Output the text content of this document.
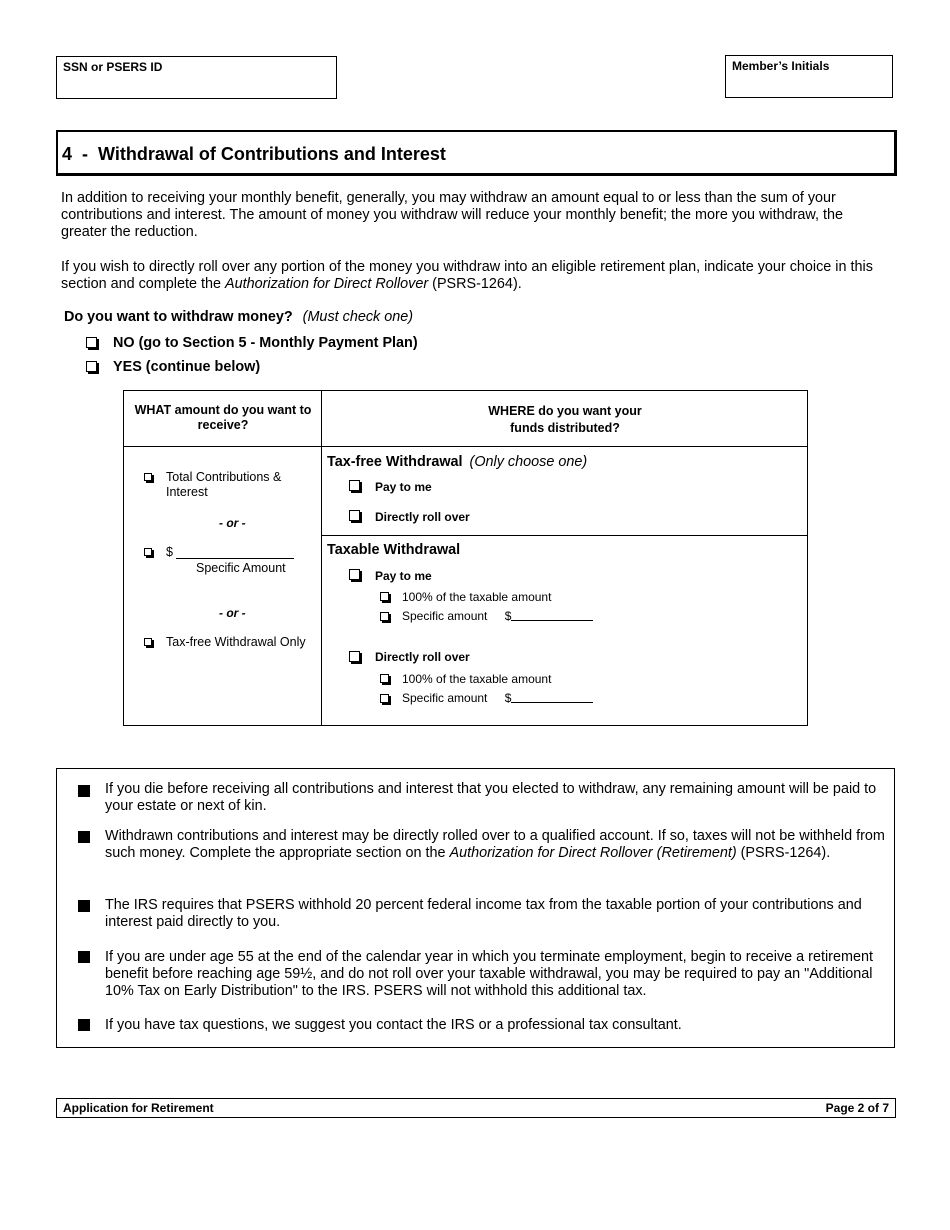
SSN or PSERS ID	Member’s Initials
4  -  Withdrawal of Contributions and Interest
In addition to receiving your monthly benefit, generally, you may withdraw an amount equal to or less than the sum of your contributions and interest. The amount of money you withdraw will reduce your monthly benefit; the more you withdraw, the greater the reduction.
If you wish to directly roll over any portion of the money you withdraw into an eligible retirement plan, indicate your choice in this section and complete the Authorization for Direct Rollover (PSRS-1264).
Do you want to withdraw money? (Must check one)
NO (go to Section 5 - Monthly Payment Plan)
YES (continue below)
WHAT amount do you want to receive?
WHERE do you want your funds distributed?
Total Contributions & Interest
- or -
$
Specific Amount
- or -
Tax-free Withdrawal Only
Tax-free Withdrawal (Only choose one)
Pay to me
Directly roll over
Taxable Withdrawal
Pay to me
100% of the taxable amount
Specific amount $
Directly roll over
100% of the taxable amount
Specific amount $
If you die before receiving all contributions and interest that you elected to withdraw, any remaining amount will be paid to your estate or next of kin.
Withdrawn contributions and interest may be directly rolled over to a qualified account. If so, taxes will not be withheld from such money. Complete the appropriate section on the Authorization for Direct Rollover (Retirement) (PSRS-1264).
The IRS requires that PSERS withhold 20 percent federal income tax from the taxable portion of your contributions and interest paid directly to you.
If you are under age 55 at the end of the calendar year in which you terminate employment, begin to receive a retirement benefit before reaching age 59½, and do not roll over your taxable withdrawal, you may be required to pay an "Additional 10% Tax on Early Distribution" to the IRS. PSERS will not withhold this additional tax.
If you have tax questions, we suggest you contact the IRS or a professional tax consultant.
Application for Retirement	Page 2 of 7
